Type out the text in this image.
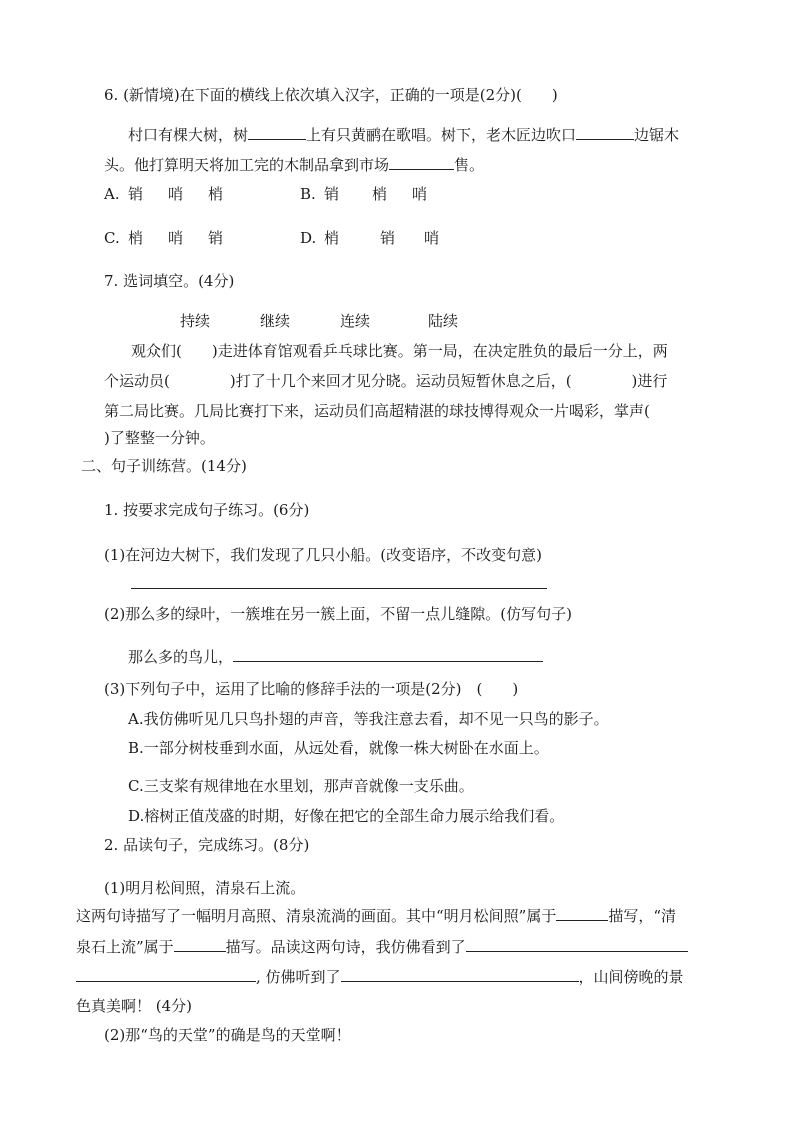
6. (新情境)在下面的横线上依次填入汉字，正确的一项是(2分)(　　)
村口有棵大树，树	上有只黄鹂在歌唱。树下，老木匠边吹口	边锯木
头。他打算明天将加工完的木制品拿到市场	售。
A. 销 哨 梢	B. 销 梢 哨
C. 梢 哨 销	D. 梢	销 哨
7. 选词填空。(4分)
持续	继续	连续	陆续
观众们(　　)走进体育馆观看乒乓球比赛。第一局，在决定胜负的最后一分上，两
个运动员(　　　　)打了十几个来回才见分晓。运动员短暂休息之后，(　　　　)进行
第二局比赛。几局比赛打下来，运动员们高超精湛的球技博得观众一片喝彩，掌声(
)了整整一分钟。
二、句子训练营。(14分)
1. 按要求完成句子练习。(6分)
(1)在河边大树下，我们发现了几只小船。(改变语序，不改变句意)
(2)那么多的绿叶，一簇堆在另一簇上面，不留一点儿缝隙。(仿写句子)
那么多的鸟儿，
(3)下列句子中，运用了比喻的修辞手法的一项是(2分)　(　　)
A.我仿佛听见几只鸟扑翅的声音，等我注意去看，却不见一只鸟的影子。
B.一部分树枝垂到水面，从远处看，就像一株大树卧在水面上。
C.三支桨有规律地在水里划，那声音就像一支乐曲。
D.榕树正值茂盛的时期，好像在把它的全部生命力展示给我们看。
2. 品读句子，完成练习。(8分)
(1)明月松间照，清泉石上流。
这两句诗描写了一幅明月高照、清泉流淌的画面。其中“明月松间照”属于	描写，“清
泉石上流”属于	描写。品读这两句诗，我仿佛看到了
, 仿佛听到了	，山间傍晚的景
色真美啊！ (4分)
(2)那“鸟的天堂”的确是鸟的天堂啊！
